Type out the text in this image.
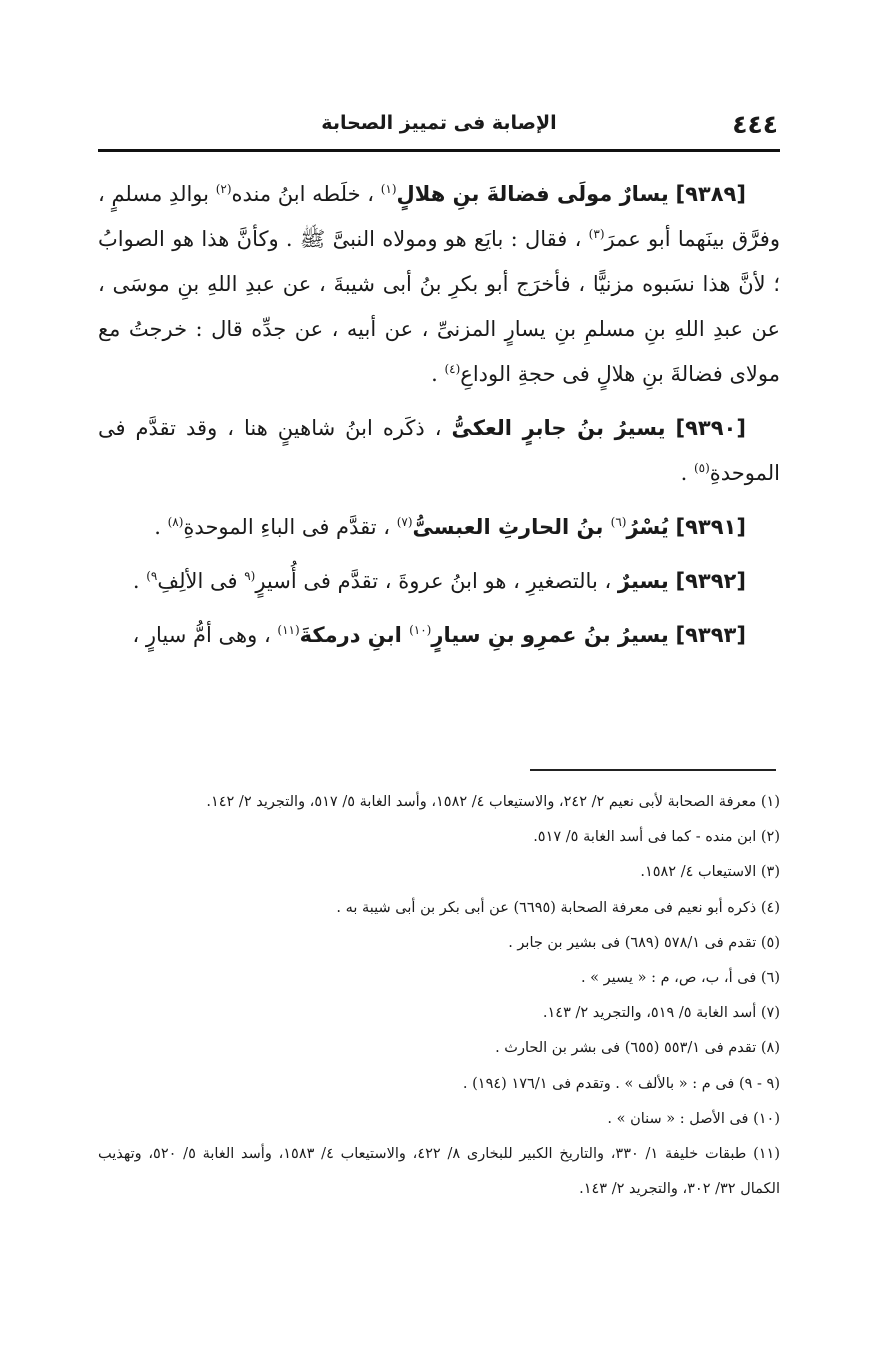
٤٤٤
الإصابة فى تمييز الصحابة

[٩٣٨٩] يسارٌ مولَى فضالةَ بنِ هلالٍ$^{(١)}$ ، خلَطه ابنُ منده$^{(٢)}$ بوالدِ مسلمٍ ، وفرَّق بينَهما أبو عمرَ$^{(٣)}$ ، فقال : بايَع هو ومولاه النبىَّ ﷺ . وكأنَّ هذا هو الصوابُ ؛ لأنَّ هذا نسَبوه مزنيًّا ، فأخرَج أبو بكرِ بنُ أبى شيبةَ ، عن عبدِ اللهِ بنِ موسَى ، عن عبدِ اللهِ بنِ مسلمِ بنِ يسارٍ المزنىِّ ، عن أبيه ، عن جدِّه قال : خرجتُ مع مولاى فضالةَ بنِ هلالٍ فى حجةِ الوداعِ$^{(٤)}$ .

[٩٣٩٠] يسيرُ بنُ جابرٍ العكىُّ ، ذكَره ابنُ شاهينٍ هنا ، وقد تقدَّم فى الموحدةِ$^{(٥)}$ .

[٩٣٩١] يُسْرُ$^{(٦)}$ بنُ الحارثِ العبسىُّ$^{(٧)}$ ، تقدَّم فى الباءِ الموحدةِ$^{(٨)}$ .

[٩٣٩٢] يسيرٌ ، بالتصغيرِ ، هو ابنُ عروةَ ، تقدَّم فى أُسيرٍ$^{(٩}$ فى الألِفِ$^{٩)}$ .

[٩٣٩٣] يسيرُ بنُ عمرِو بنِ سيارٍ$^{(١٠)}$ ابنِ درمكةَ$^{(١١)}$ ، وهى أمُّ سيارٍ ،

(١) معرفة الصحابة لأبى نعيم ٢/ ٢٤٢، والاستيعاب ٤/ ١٥٨٢، وأسد الغابة ٥/ ٥١٧، والتجريد ٢/ ١٤٢.

(٢) ابن منده - كما فى أسد الغابة ٥/ ٥١٧.

(٣) الاستيعاب ٤/ ١٥٨٢.

(٤) ذكره أبو نعيم فى معرفة الصحابة (٦٦٩٥) عن أبى بكر بن أبى شيبة به .

(٥) تقدم فى ٥٧٨/١ (٦٨٩) فى بشير بن جابر .

(٦) فى أ، ب، ص، م : « يسير » .

(٧) أسد الغابة ٥/ ٥١٩، والتجريد ٢/ ١٤٣.

(٨) تقدم فى ٥٥٣/١ (٦٥٥) فى بشر بن الحارث .

(٩ - ٩) فى م : « بالألف » . وتقدم فى ١٧٦/١ (١٩٤) .

(١٠) فى الأصل : « سنان » .

(١١) طبقات خليفة ١/ ٣٣٠، والتاريخ الكبير للبخارى ٨/ ٤٢٢، والاستيعاب ٤/ ١٥٨٣، وأسد الغابة ٥/ ٥٢٠، وتهذيب الكمال ٣٢/ ٣٠٢، والتجريد ٢/ ١٤٣.
